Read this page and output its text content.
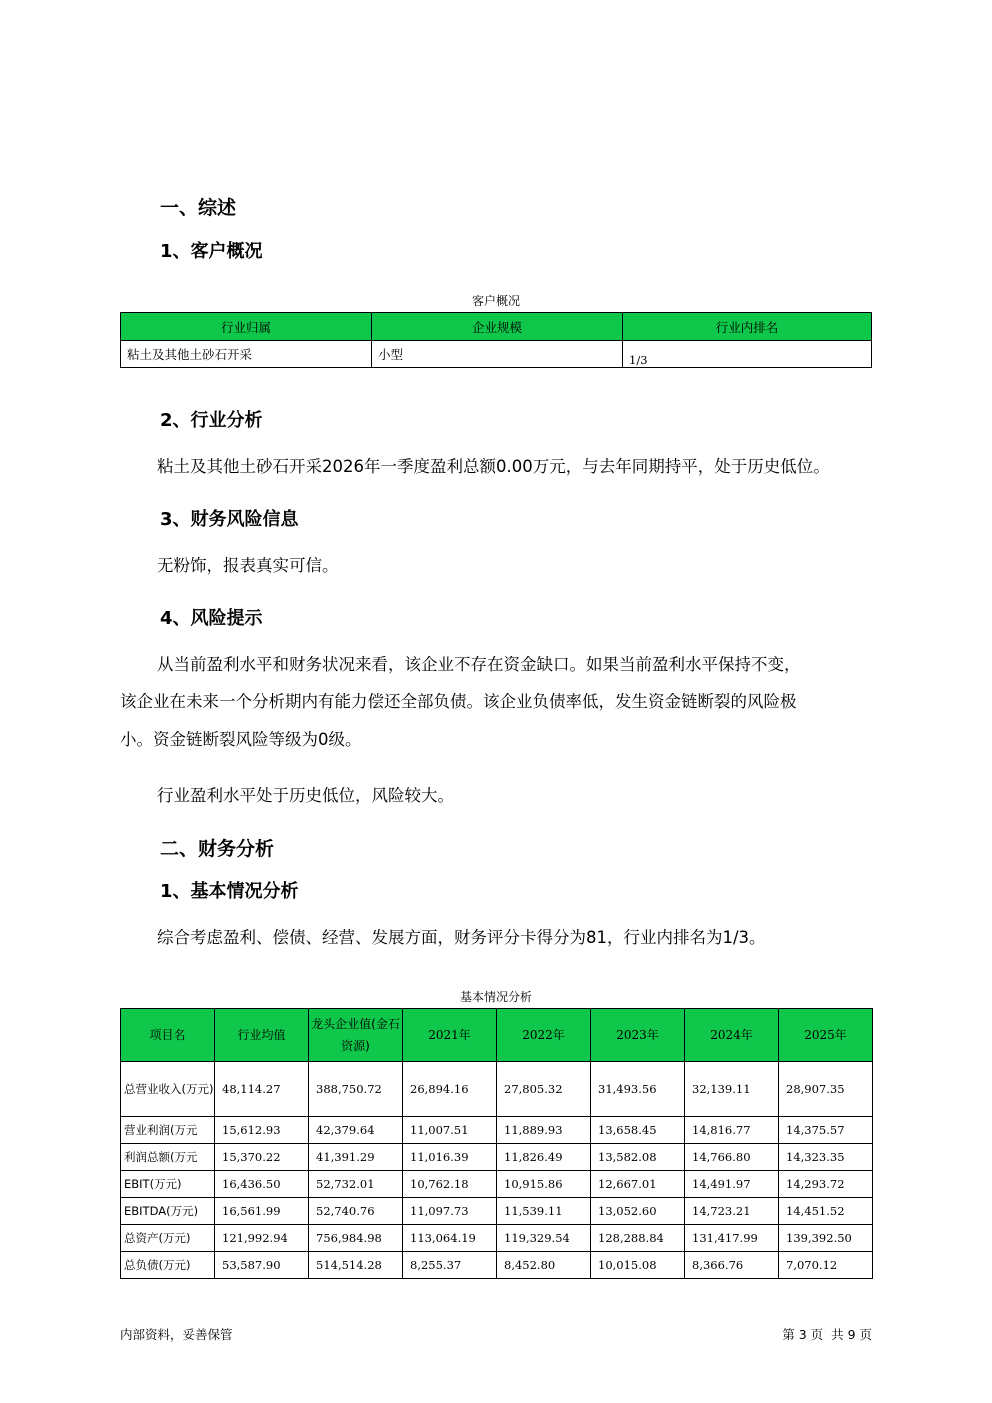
一、综述
1、客户概况
客户概况
行业归属	企业规模	行业内排名
粘土及其他土砂石开采	小型	1/3
2、行业分析
粘土及其他土砂石开采2026年一季度盈利总额0.00万元，与去年同期持平，处于历史低位。
3、财务风险信息
无粉饰，报表真实可信。
4、风险提示
从当前盈利水平和财务状况来看，该企业不存在资金缺口。如果当前盈利水平保持不变，
该企业在未来一个分析期内有能力偿还全部负债。该企业负债率低，发生资金链断裂的风险极
小。资金链断裂风险等级为0级。
行业盈利水平处于历史低位，风险较大。
二、财务分析
1、基本情况分析
综合考虑盈利、偿债、经营、发展方面，财务评分卡得分为81，行业内排名为1/3。
基本情况分析
项目名	行业均值	龙头企业值(金石资源)	2021年	2022年	2023年	2024年	2025年
总营业收入(万元)	48,114.27	388,750.72	26,894.16	27,805.32	31,493.56	32,139.11	28,907.35
营业利润(万元	15,612.93	42,379.64	11,007.51	11,889.93	13,658.45	14,816.77	14,375.57
利润总额(万元	15,370.22	41,391.29	11,016.39	11,826.49	13,582.08	14,766.80	14,323.35
EBIT(万元)	16,436.50	52,732.01	10,762.18	10,915.86	12,667.01	14,491.97	14,293.72
EBITDA(万元)	16,561.99	52,740.76	11,097.73	11,539.11	13,052.60	14,723.21	14,451.52
总资产(万元)	121,992.94	756,984.98	113,064.19	119,329.54	128,288.84	131,417.99	139,392.50
总负债(万元)	53,587.90	514,514.28	8,255.37	8,452.80	10,015.08	8,366.76	7,070.12
内部资料，妥善保管	第 3 页  共 9 页
